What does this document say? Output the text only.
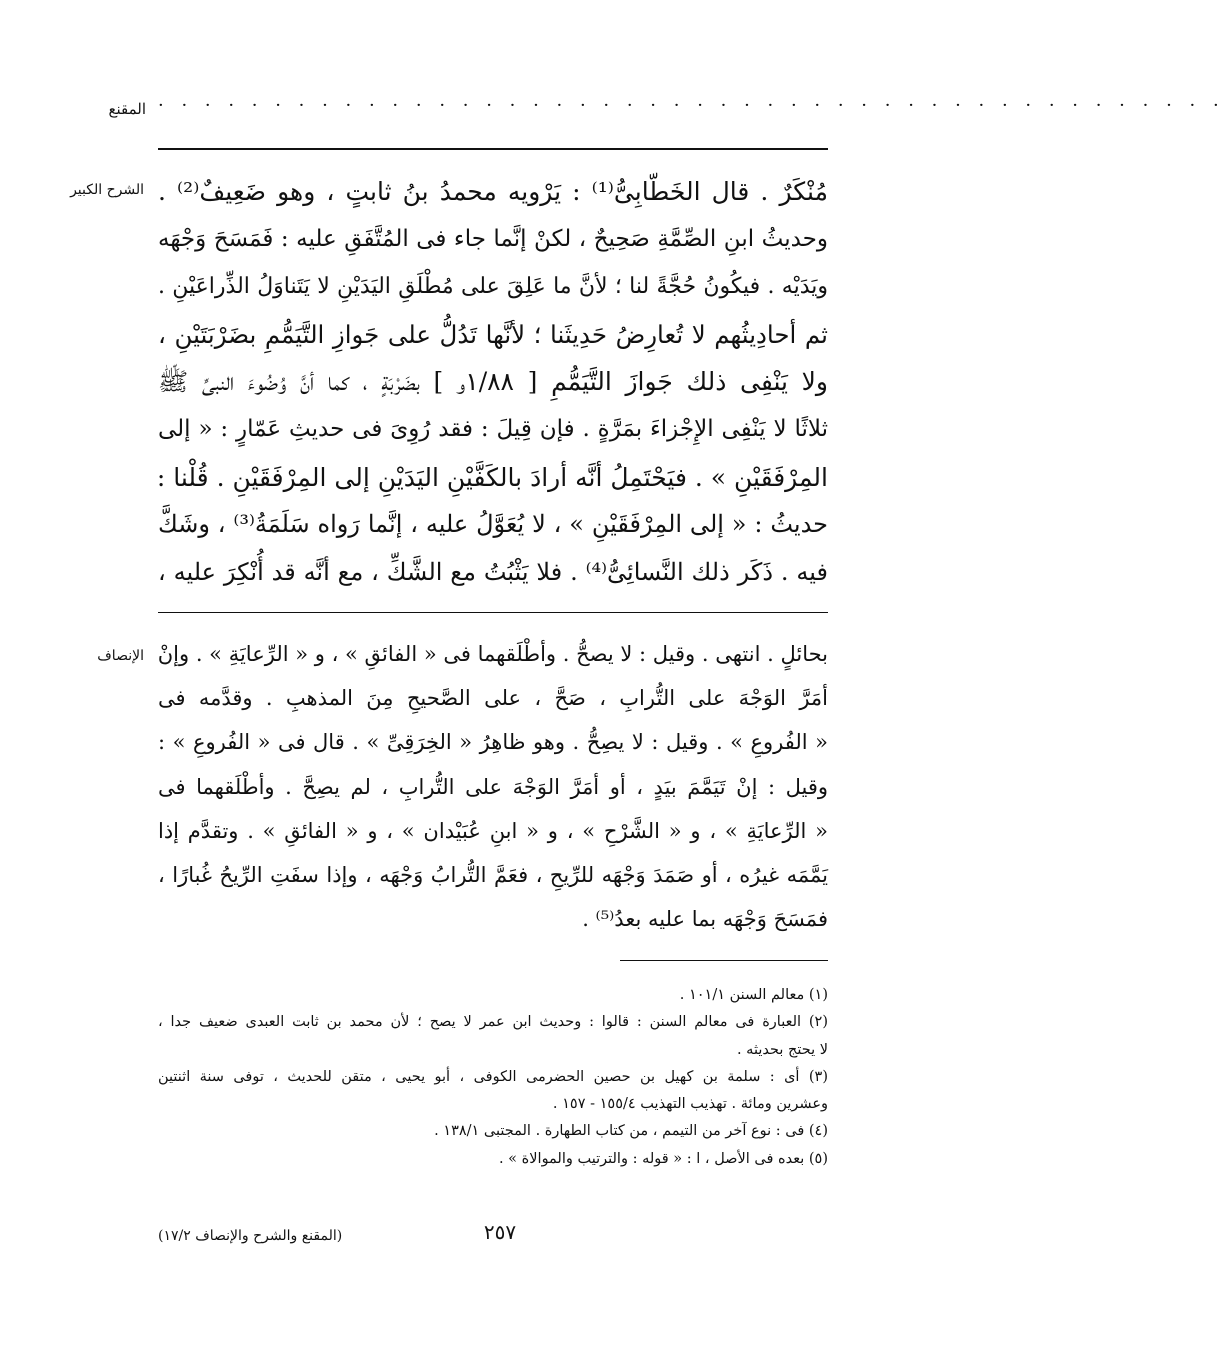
المقنع · · · · · · · · · · · · · · · · · · · · · · · · · · · · · · · · · · · · · · · · · · · · · ·
الشرح الكبير
الإنصاف
مُنْكَرٌ . قال الخَطّابِىُّ⁽¹⁾ : يَرْويه محمدُ بنُ ثابتٍ ، وهو ضَعِيفٌ⁽²⁾ .
وحديثُ ابنِ الصِّمَّةِ صَحِيحٌ ، لكنْ إنَّما جاء فى المُتَّفَقِ عليه : فَمَسَحَ وَجْهَه
ويَدَيْه . فيكُونُ حُجَّةً لنا ؛ لأنَّ ما عَلِقَ على مُطْلَقِ اليَدَيْنِ لا يَتَناوَلُ الذِّراعَيْنِ .
ثم أحادِيثُهم لا تُعارِضُ حَدِيثَنا ؛ لأنَّها تَدُلُّ على جَوازِ التَّيَمُّمِ بضَرْبَتَيْنِ ،
ولا يَنْفِى ذلك جَوازَ التَّيَمُّمِ [ ١/٨٨و ] بضَرْبَةٍ ، كما أنَّ وُضُوءَ النبىِّ ﷺ
ثلاثًا لا يَنْفِى الإِجْزاءَ بمَرَّةٍ . فإن قِيلَ : فقد رُوِىَ فى حديثِ عَمّارٍ : « إلى
المِرْفَقَيْنِ » . فيَحْتَمِلُ أنَّه أرادَ بالكَفَّيْنِ اليَدَيْنِ إلى المِرْفَقَيْنِ . قُلْنا :
حديثُ : « إلى المِرْفَقَيْنِ » ، لا يُعَوَّلُ عليه ، إنَّما رَواه سَلَمَةُ⁽³⁾ ، وشَكَّ
فيه . ذَكَر ذلك النَّسائِىُّ⁽⁴⁾ . فلا يَثْبُتُ مع الشَّكِّ ، مع أنَّه قد أُنْكِرَ عليه ،
بحائلٍ . انتهى . وقيل : لا يصحُّ . وأطْلَقهما فى « الفائقِ » ، و « الرِّعايَةِ » . وإنْ
أمَرَّ الوَجْهَ على التُّرابِ ، صَحَّ ، على الصَّحيحِ مِنَ المذهبِ . وقدَّمه فى
« الفُروعِ » . وقيل : لا يصِحُّ . وهو ظاهِرُ « الخِرَقِىِّ » . قال فى « الفُروعِ » :
وقيل : إنْ تَيَمَّمَ بيَدٍ ، أو أمَرَّ الوَجْهَ على التُّرابِ ، لم يصِحَّ . وأطْلَقهما فى
« الرِّعايَةِ » ، و « الشَّرْحِ » ، و « ابنِ عُبَيْدان » ، و « الفائقِ » . وتقدَّم إذا
يَمَّمَه غيرُه ، أو صَمَدَ وَجْهَه للرِّيحِ ، فعَمَّ التُّرابُ وَجْهَه ، وإذا سفَتِ الرِّيحُ غُبارًا ،
فمَسَحَ وَجْهَه بما عليه بعدُ⁽⁵⁾ .
(١) معالم السنن ١٠١/١ .
(٢) العبارة فى معالم السنن : قالوا : وحديث ابن عمر لا يصح ؛ لأن محمد بن ثابت العبدى ضعيف جدا ،
لا يحتج بحديثه .
(٣) أى : سلمة بن كهيل بن حصين الحضرمى الكوفى ، أبو يحيى ، متقن للحديث ، توفى سنة اثنتين
وعشرين ومائة . تهذيب التهذيب ١٥٥/٤ - ١٥٧ .
(٤) فى : نوع آخر من التيمم ، من كتاب الطهارة . المجتبى ١٣٨/١ .
(٥) بعده فى الأصل ، ا : « قوله : والترتيب والموالاة » .
٢٥٧
(المقنع والشرح والإنصاف ١٧/٢)
